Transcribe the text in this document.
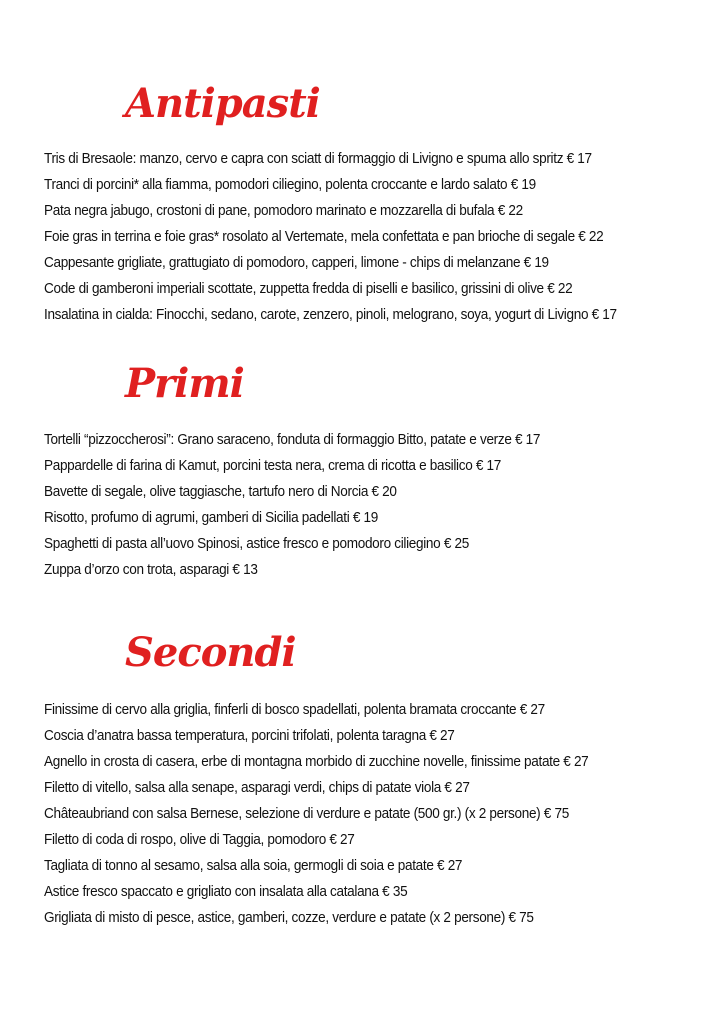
Antipasti
Tris di Bresaole: manzo, cervo e capra con sciatt di formaggio di Livigno e spuma allo spritz € 17
Tranci di porcini* alla fiamma, pomodori ciliegino, polenta croccante e lardo salato € 19
Pata negra jabugo, crostoni di pane, pomodoro marinato e mozzarella di bufala € 22
Foie gras in terrina e foie gras* rosolato al Vertemate, mela confettata e pan brioche di segale € 22
Cappesante grigliate, grattugiato di pomodoro, capperi, limone - chips di melanzane € 19
Code di gamberoni imperiali scottate, zuppetta fredda di piselli e basilico, grissini di olive € 22
Insalatina in cialda: Finocchi, sedano, carote, zenzero, pinoli, melograno, soya, yogurt di Livigno € 17
Primi
Tortelli “pizzoccherosi”: Grano saraceno, fonduta di formaggio Bitto, patate e verze € 17
Pappardelle di farina di Kamut, porcini testa nera, crema di ricotta e basilico € 17
Bavette di segale, olive taggiasche, tartufo nero di Norcia € 20
Risotto, profumo di agrumi, gamberi di Sicilia padellati € 19
Spaghetti di pasta all’uovo Spinosi, astice fresco e pomodoro ciliegino € 25
Zuppa d’orzo con trota, asparagi € 13
Secondi
Finissime di cervo alla griglia, finferli di bosco spadellati, polenta bramata croccante € 27
Coscia d’anatra bassa temperatura, porcini trifolati, polenta taragna € 27
Agnello in crosta di casera, erbe di montagna morbido di zucchine novelle, finissime patate € 27
Filetto di vitello, salsa alla senape, asparagi verdi, chips di patate viola € 27
Châteaubriand con salsa Bernese, selezione di verdure e patate (500 gr.) (x 2 persone) € 75
Filetto di coda di rospo, olive di Taggia, pomodoro € 27
Tagliata di tonno al sesamo, salsa alla soia, germogli di soia e patate € 27
Astice fresco spaccato e grigliato con insalata alla catalana € 35
Grigliata di misto di pesce, astice, gamberi, cozze, verdure e patate (x 2 persone) € 75
